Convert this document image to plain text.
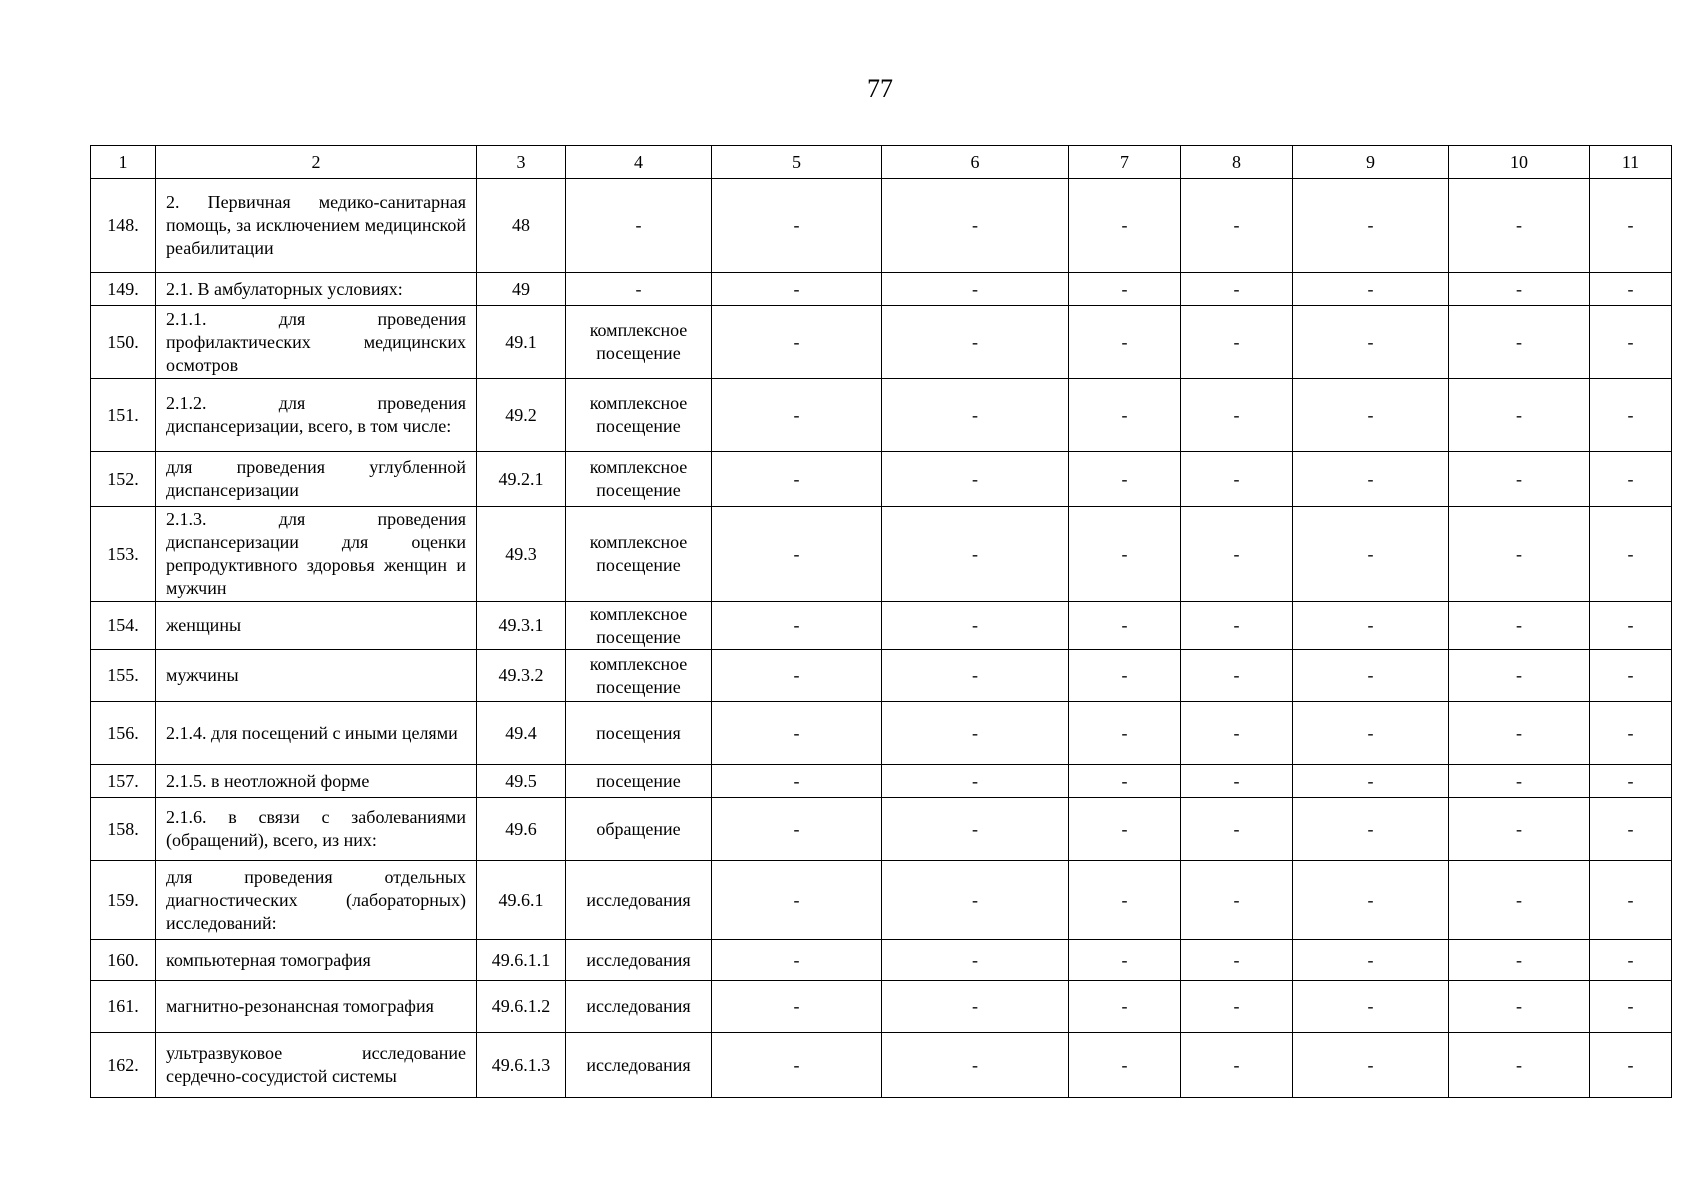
77
1	2	3	4	5	6	7	8	9	10	11
148.	2. Первичная медико-санитарная помощь, за исключением медицинской реабилитации	48	-	-	-	-	-	-	-	-
149.	2.1. В амбулаторных условиях:	49	-	-	-	-	-	-	-	-
150.	2.1.1. для проведения профилактических медицинских осмотров	49.1	комплексное посещение	-	-	-	-	-	-	-
151.	2.1.2. для проведения диспансеризации, всего, в том числе:	49.2	комплексное посещение	-	-	-	-	-	-	-
152.	для проведения углубленной диспансеризации	49.2.1	комплексное посещение	-	-	-	-	-	-	-
153.	2.1.3. для проведения диспансеризации для оценки репродуктивного здоровья женщин и мужчин	49.3	комплексное посещение	-	-	-	-	-	-	-
154.	женщины	49.3.1	комплексное посещение	-	-	-	-	-	-	-
155.	мужчины	49.3.2	комплексное посещение	-	-	-	-	-	-	-
156.	2.1.4. для посещений с иными целями	49.4	посещения	-	-	-	-	-	-	-
157.	2.1.5. в неотложной форме	49.5	посещение	-	-	-	-	-	-	-
158.	2.1.6. в связи с заболеваниями (обращений), всего, из них:	49.6	обращение	-	-	-	-	-	-	-
159.	для проведения отдельных диагностических (лабораторных) исследований:	49.6.1	исследования	-	-	-	-	-	-	-
160.	компьютерная томография	49.6.1.1	исследования	-	-	-	-	-	-	-
161.	магнитно-резонансная томография	49.6.1.2	исследования	-	-	-	-	-	-	-
162.	ультразвуковое исследование сердечно-сосудистой системы	49.6.1.3	исследования	-	-	-	-	-	-	-
